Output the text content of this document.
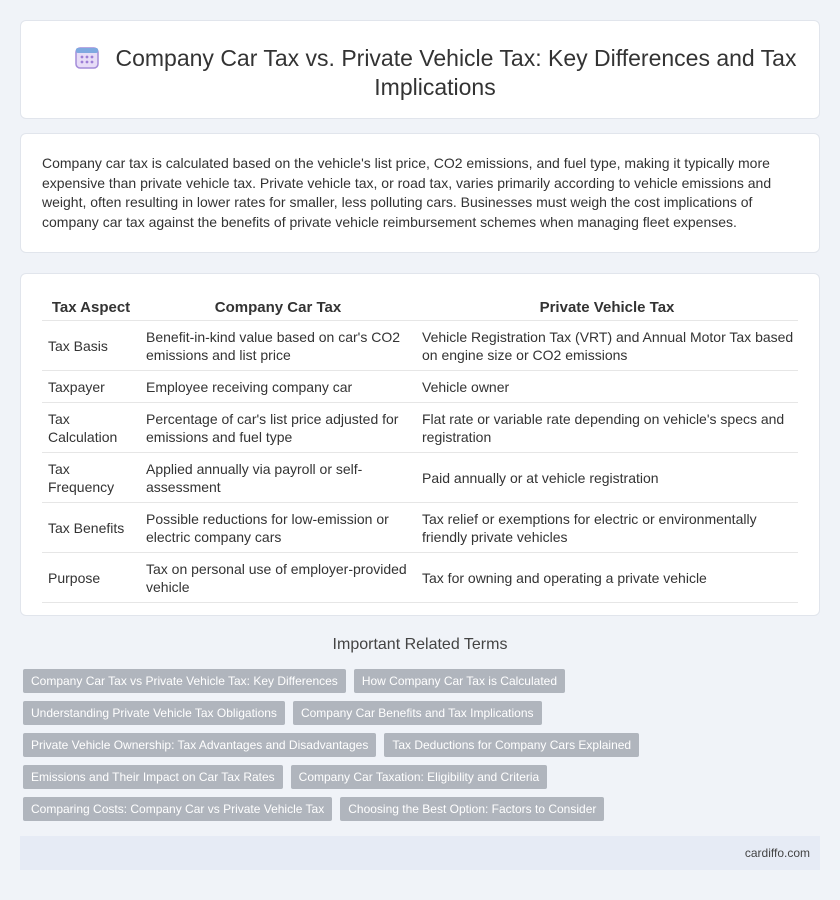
Company Car Tax vs. Private Vehicle Tax: Key Differences and Tax Implications

Company car tax is calculated based on the vehicle's list price, CO2 emissions, and fuel type, making it typically more expensive than private vehicle tax. Private vehicle tax, or road tax, varies primarily according to vehicle emissions and weight, often resulting in lower rates for smaller, less polluting cars. Businesses must weigh the cost implications of company car tax against the benefits of private vehicle reimbursement schemes when managing fleet expenses.

Tax Aspect	Company Car Tax	Private Vehicle Tax
Tax Basis	Benefit-in-kind value based on car's CO2 emissions and list price	Vehicle Registration Tax (VRT) and Annual Motor Tax based on engine size or CO2 emissions
Taxpayer	Employee receiving company car	Vehicle owner
Tax Calculation	Percentage of car's list price adjusted for emissions and fuel type	Flat rate or variable rate depending on vehicle's specs and registration
Tax Frequency	Applied annually via payroll or self-assessment	Paid annually or at vehicle registration
Tax Benefits	Possible reductions for low-emission or electric company cars	Tax relief or exemptions for electric or environmentally friendly private vehicles
Purpose	Tax on personal use of employer-provided vehicle	Tax for owning and operating a private vehicle
Important Related Terms
Company Car Tax vs Private Vehicle Tax: Key Differences	How Company Car Tax is Calculated
Understanding Private Vehicle Tax Obligations	Company Car Benefits and Tax Implications
Private Vehicle Ownership: Tax Advantages and Disadvantages	Tax Deductions for Company Cars Explained
Emissions and Their Impact on Car Tax Rates	Company Car Taxation: Eligibility and Criteria
Comparing Costs: Company Car vs Private Vehicle Tax	Choosing the Best Option: Factors to Consider
cardiffo.com
